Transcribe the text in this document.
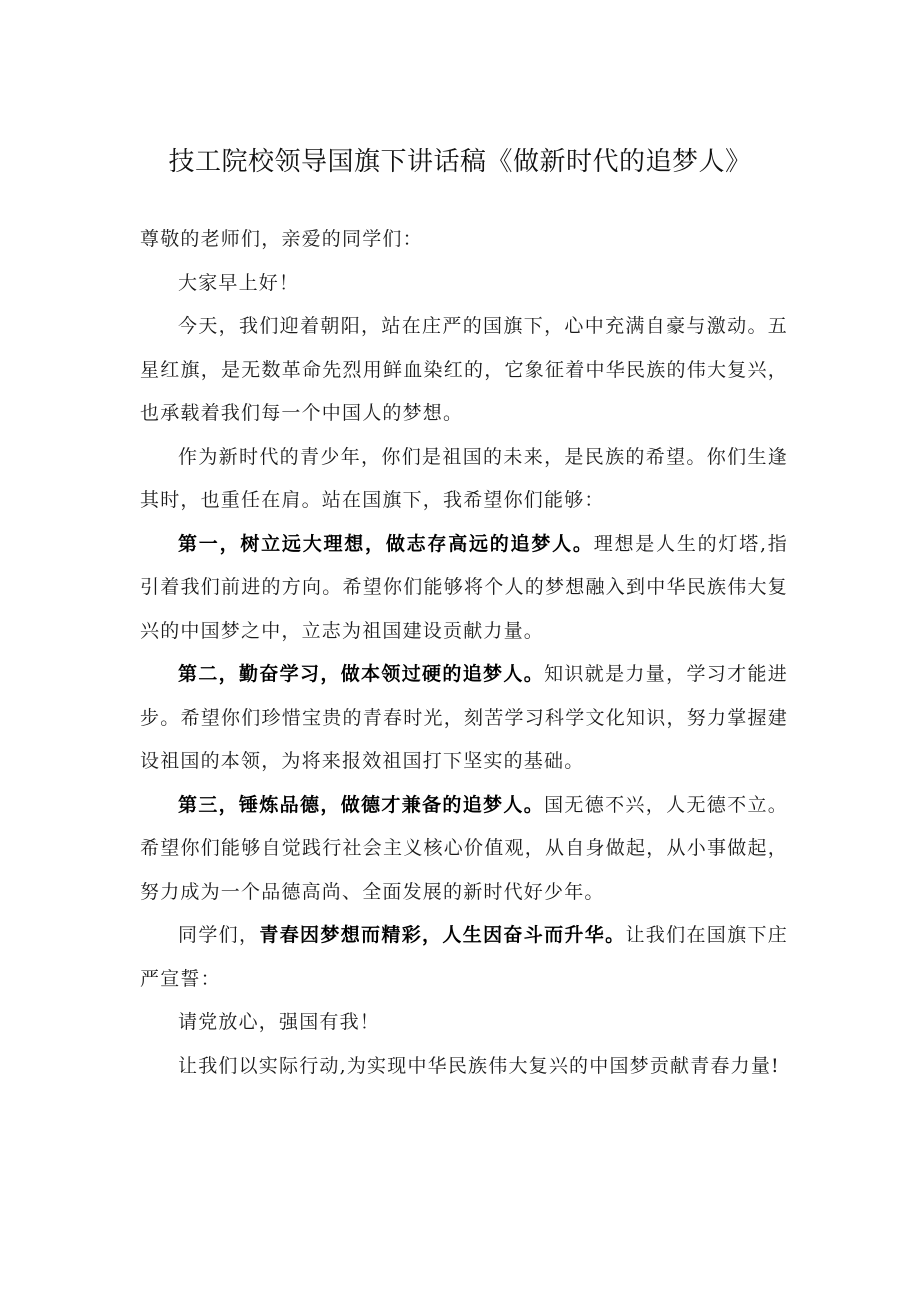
技工院校领导国旗下讲话稿《做新时代的追梦人》

尊敬的老师们，亲爱的同学们：

大家早上好！

今天，我们迎着朝阳，站在庄严的国旗下，心中充满自豪与激动。五星红旗，是无数革命先烈用鲜血染红的，它象征着中华民族的伟大复兴，也承载着我们每一个中国人的梦想。

作为新时代的青少年，你们是祖国的未来，是民族的希望。你们生逢其时，也重任在肩。站在国旗下，我希望你们能够：

第一，树立远大理想，做志存高远的追梦人。理想是人生的灯塔,指引着我们前进的方向。希望你们能够将个人的梦想融入到中华民族伟大复兴的中国梦之中，立志为祖国建设贡献力量。

第二，勤奋学习，做本领过硬的追梦人。知识就是力量，学习才能进步。希望你们珍惜宝贵的青春时光，刻苦学习科学文化知识，努力掌握建设祖国的本领，为将来报效祖国打下坚实的基础。

第三，锤炼品德，做德才兼备的追梦人。国无德不兴，人无德不立。希望你们能够自觉践行社会主义核心价值观，从自身做起，从小事做起，努力成为一个品德高尚、全面发展的新时代好少年。

同学们，青春因梦想而精彩，人生因奋斗而升华。让我们在国旗下庄严宣誓：

请党放心，强国有我！

让我们以实际行动,为实现中华民族伟大复兴的中国梦贡献青春力量!
